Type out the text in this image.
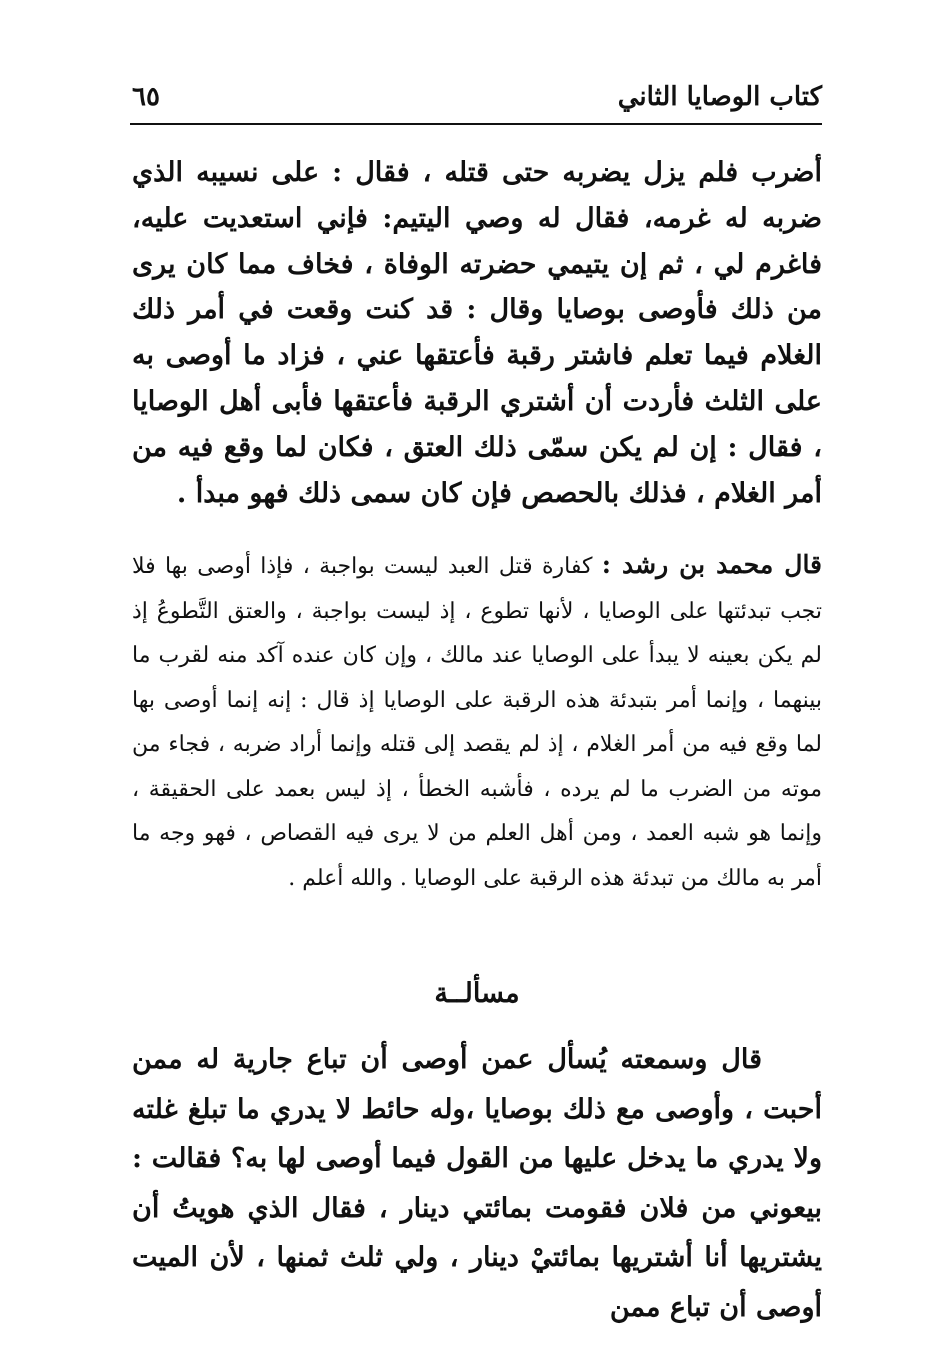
كتاب الوصايا الثاني
٦٥

أضرب فلم يزل يضربه حتى قتله ، فقال : على نسيبه الذي ضربه له غرمه، فقال له وصي اليتيم: فإني استعديت عليه، فاغرم لي ، ثم إن يتيمي حضرته الوفاة ، فخاف مما كان يرى من ذلك فأوصى بوصايا وقال : قد كنت وقعت في أمر ذلك الغلام فيما تعلم فاشتر رقبة فأعتقها عني ، فزاد ما أوصى به على الثلث فأردت أن أشتري الرقبة فأعتقها فأبى أهل الوصايا ، فقال : إن لم يكن سمّى ذلك العتق ، فكان لما وقع فيه من أمر الغلام ، فذلك بالحصص فإن كان سمى ذلك فهو مبدأ .

قال محمد بن رشد : كفارة قتل العبد ليست بواجبة ، فإذا أوصى بها فلا تجب تبدئتها على الوصايا ، لأنها تطوع ، إذ ليست بواجبة ، والعتق التَّطوعُ إذ لم يكن بعينه لا يبدأ على الوصايا عند مالك ، وإن كان عنده آكد منه لقرب ما بينهما ، وإنما أمر بتبدئة هذه الرقبة على الوصايا إذ قال : إنه إنما أوصى بها لما وقع فيه من أمر الغلام ، إذ لم يقصد إلى قتله وإنما أراد ضربه ، فجاء من موته من الضرب ما لم يرده ، فأشبه الخطأ ، إذ ليس بعمد على الحقيقة ، وإنما هو شبه العمد ، ومن أهل العلم من لا يرى فيه القصاص ، فهو وجه ما أمر به مالك من تبدئة هذه الرقبة على الوصايا . والله أعلم .

مسألــة

قال وسمعته يُسأل عمن أوصى أن تباع جارية له ممن أحبت ، وأوصى مع ذلك بوصايا ،وله حائط لا يدري ما تبلغ غلته ولا يدري ما يدخل عليها من القول فيما أوصى لها به؟ فقالت : بيعوني من فلان فقومت بمائتي دينار ، فقال الذي هويتُ أن يشتريها أنا أشتريها بمائتيْ دينار ، ولي ثلث ثمنها ، لأن الميت أوصى أن تباع ممن
